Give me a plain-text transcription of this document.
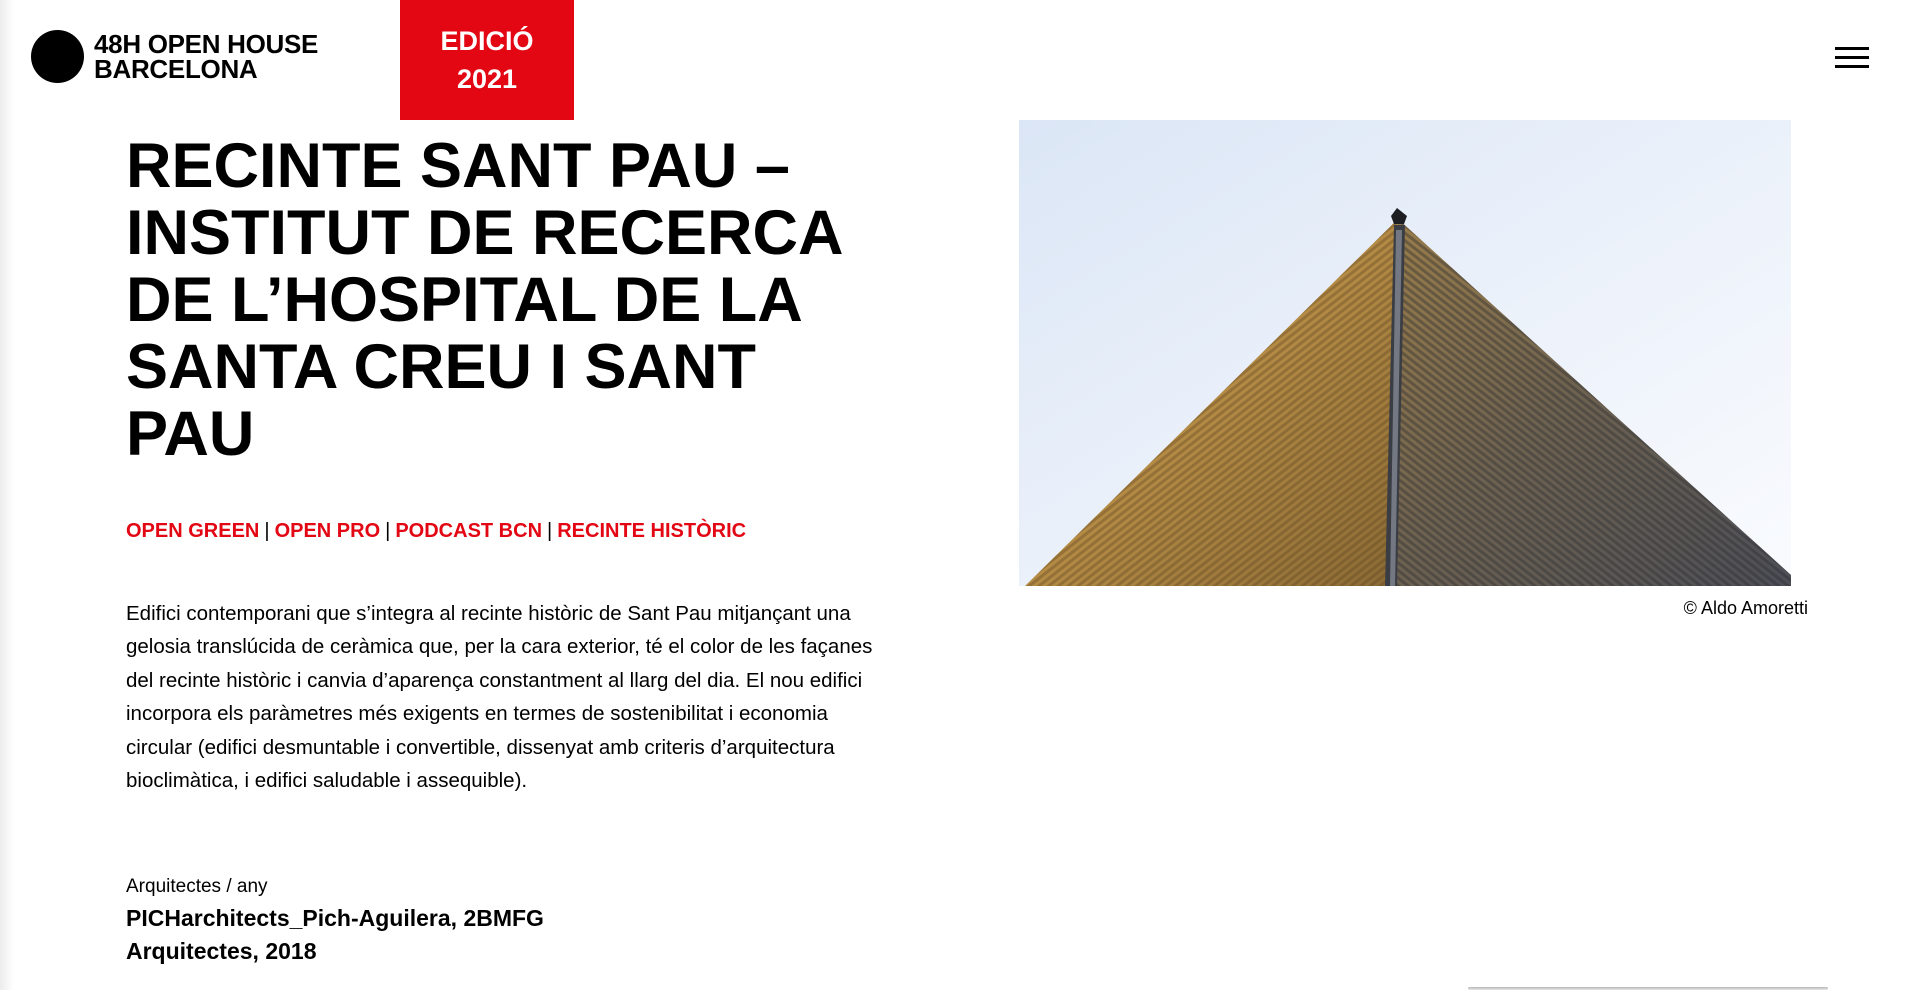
48H OPEN HOUSE
BARCELONA
EDICIÓ
2021
RECINTE SANT PAU – INSTITUT DE RECERCA DE L’HOSPITAL DE LA SANTA CREU I SANT PAU
OPEN GREEN | OPEN PRO | PODCAST BCN | RECINTE HISTÒRIC

Edifici contemporani que s’integra al recinte històric de Sant Pau mitjançant una gelosia translúcida de ceràmica que, per la cara exterior, té el color de les façanes del recinte històric i canvia d’aparença constantment al llarg del dia. El nou edifici incorpora els paràmetres més exigents en termes de sostenibilitat i economia circular (edifici desmuntable i convertible, dissenyat amb criteris d’arquitectura bioclimàtica, i edifici saludable i assequible).

Arquitectes / any
PICHarchitects_Pich-Aguilera, 2BMFG Arquitectes, 2018
© Aldo Amoretti
